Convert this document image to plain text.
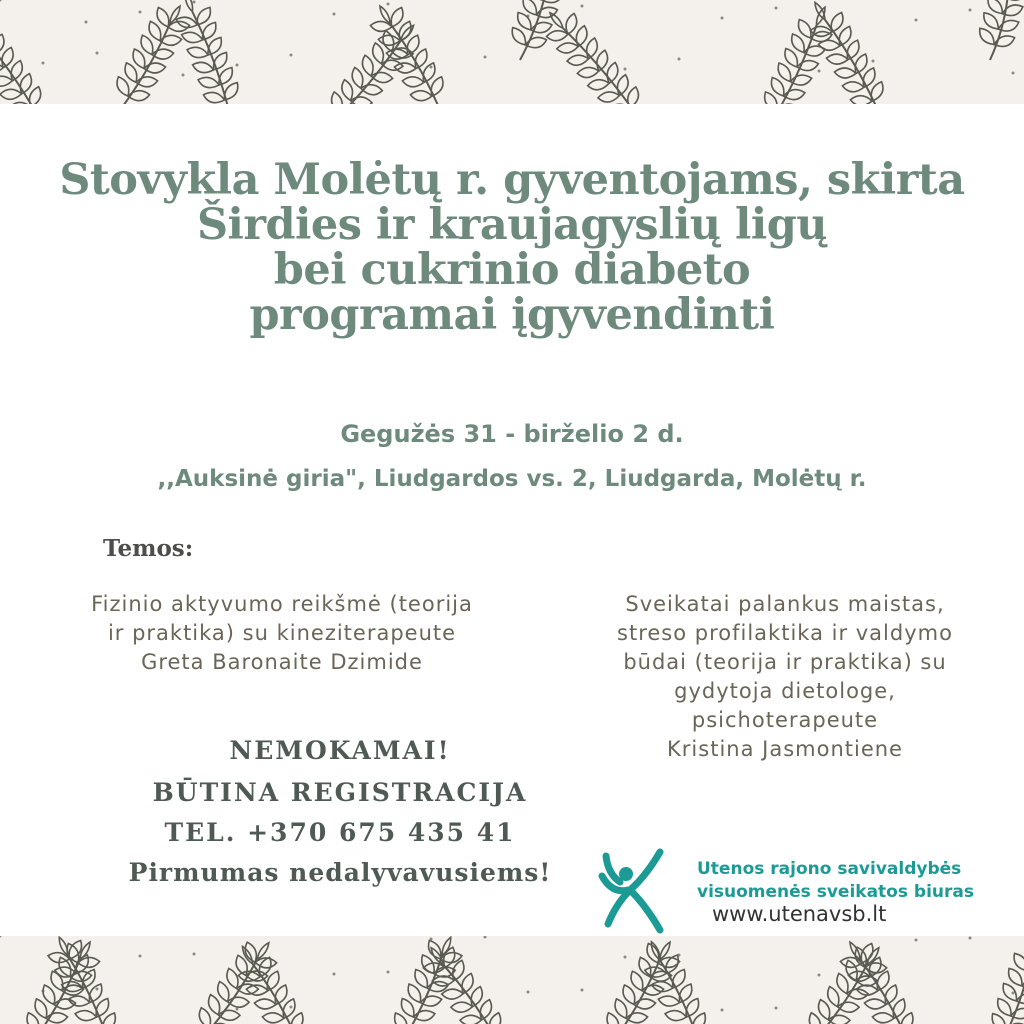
Stovykla Molėtų r. gyventojams, skirta
Širdies ir kraujagyslių ligų
bei cukrinio diabeto
programai įgyvendinti
Gegužės 31 - birželio 2 d.
,,Auksinė giria", Liudgardos vs. 2, Liudgarda, Molėtų r.
Temos:
Fizinio aktyvumo reikšmė (teorija
ir praktika) su kineziterapeute
Greta Baronaite Dzimide
Sveikatai palankus maistas,
streso profilaktika ir valdymo
būdai (teorija ir praktika) su
gydytoja dietologe,
psichoterapeute
Kristina Jasmontiene
NEMOKAMAI!
BŪTINA REGISTRACIJA
TEL. +370 675 435 41
Pirmumas nedalyvavusiems!	Utenos rajono savivaldybės
visuomenės sveikatos biuras
www.utenavsb.lt
